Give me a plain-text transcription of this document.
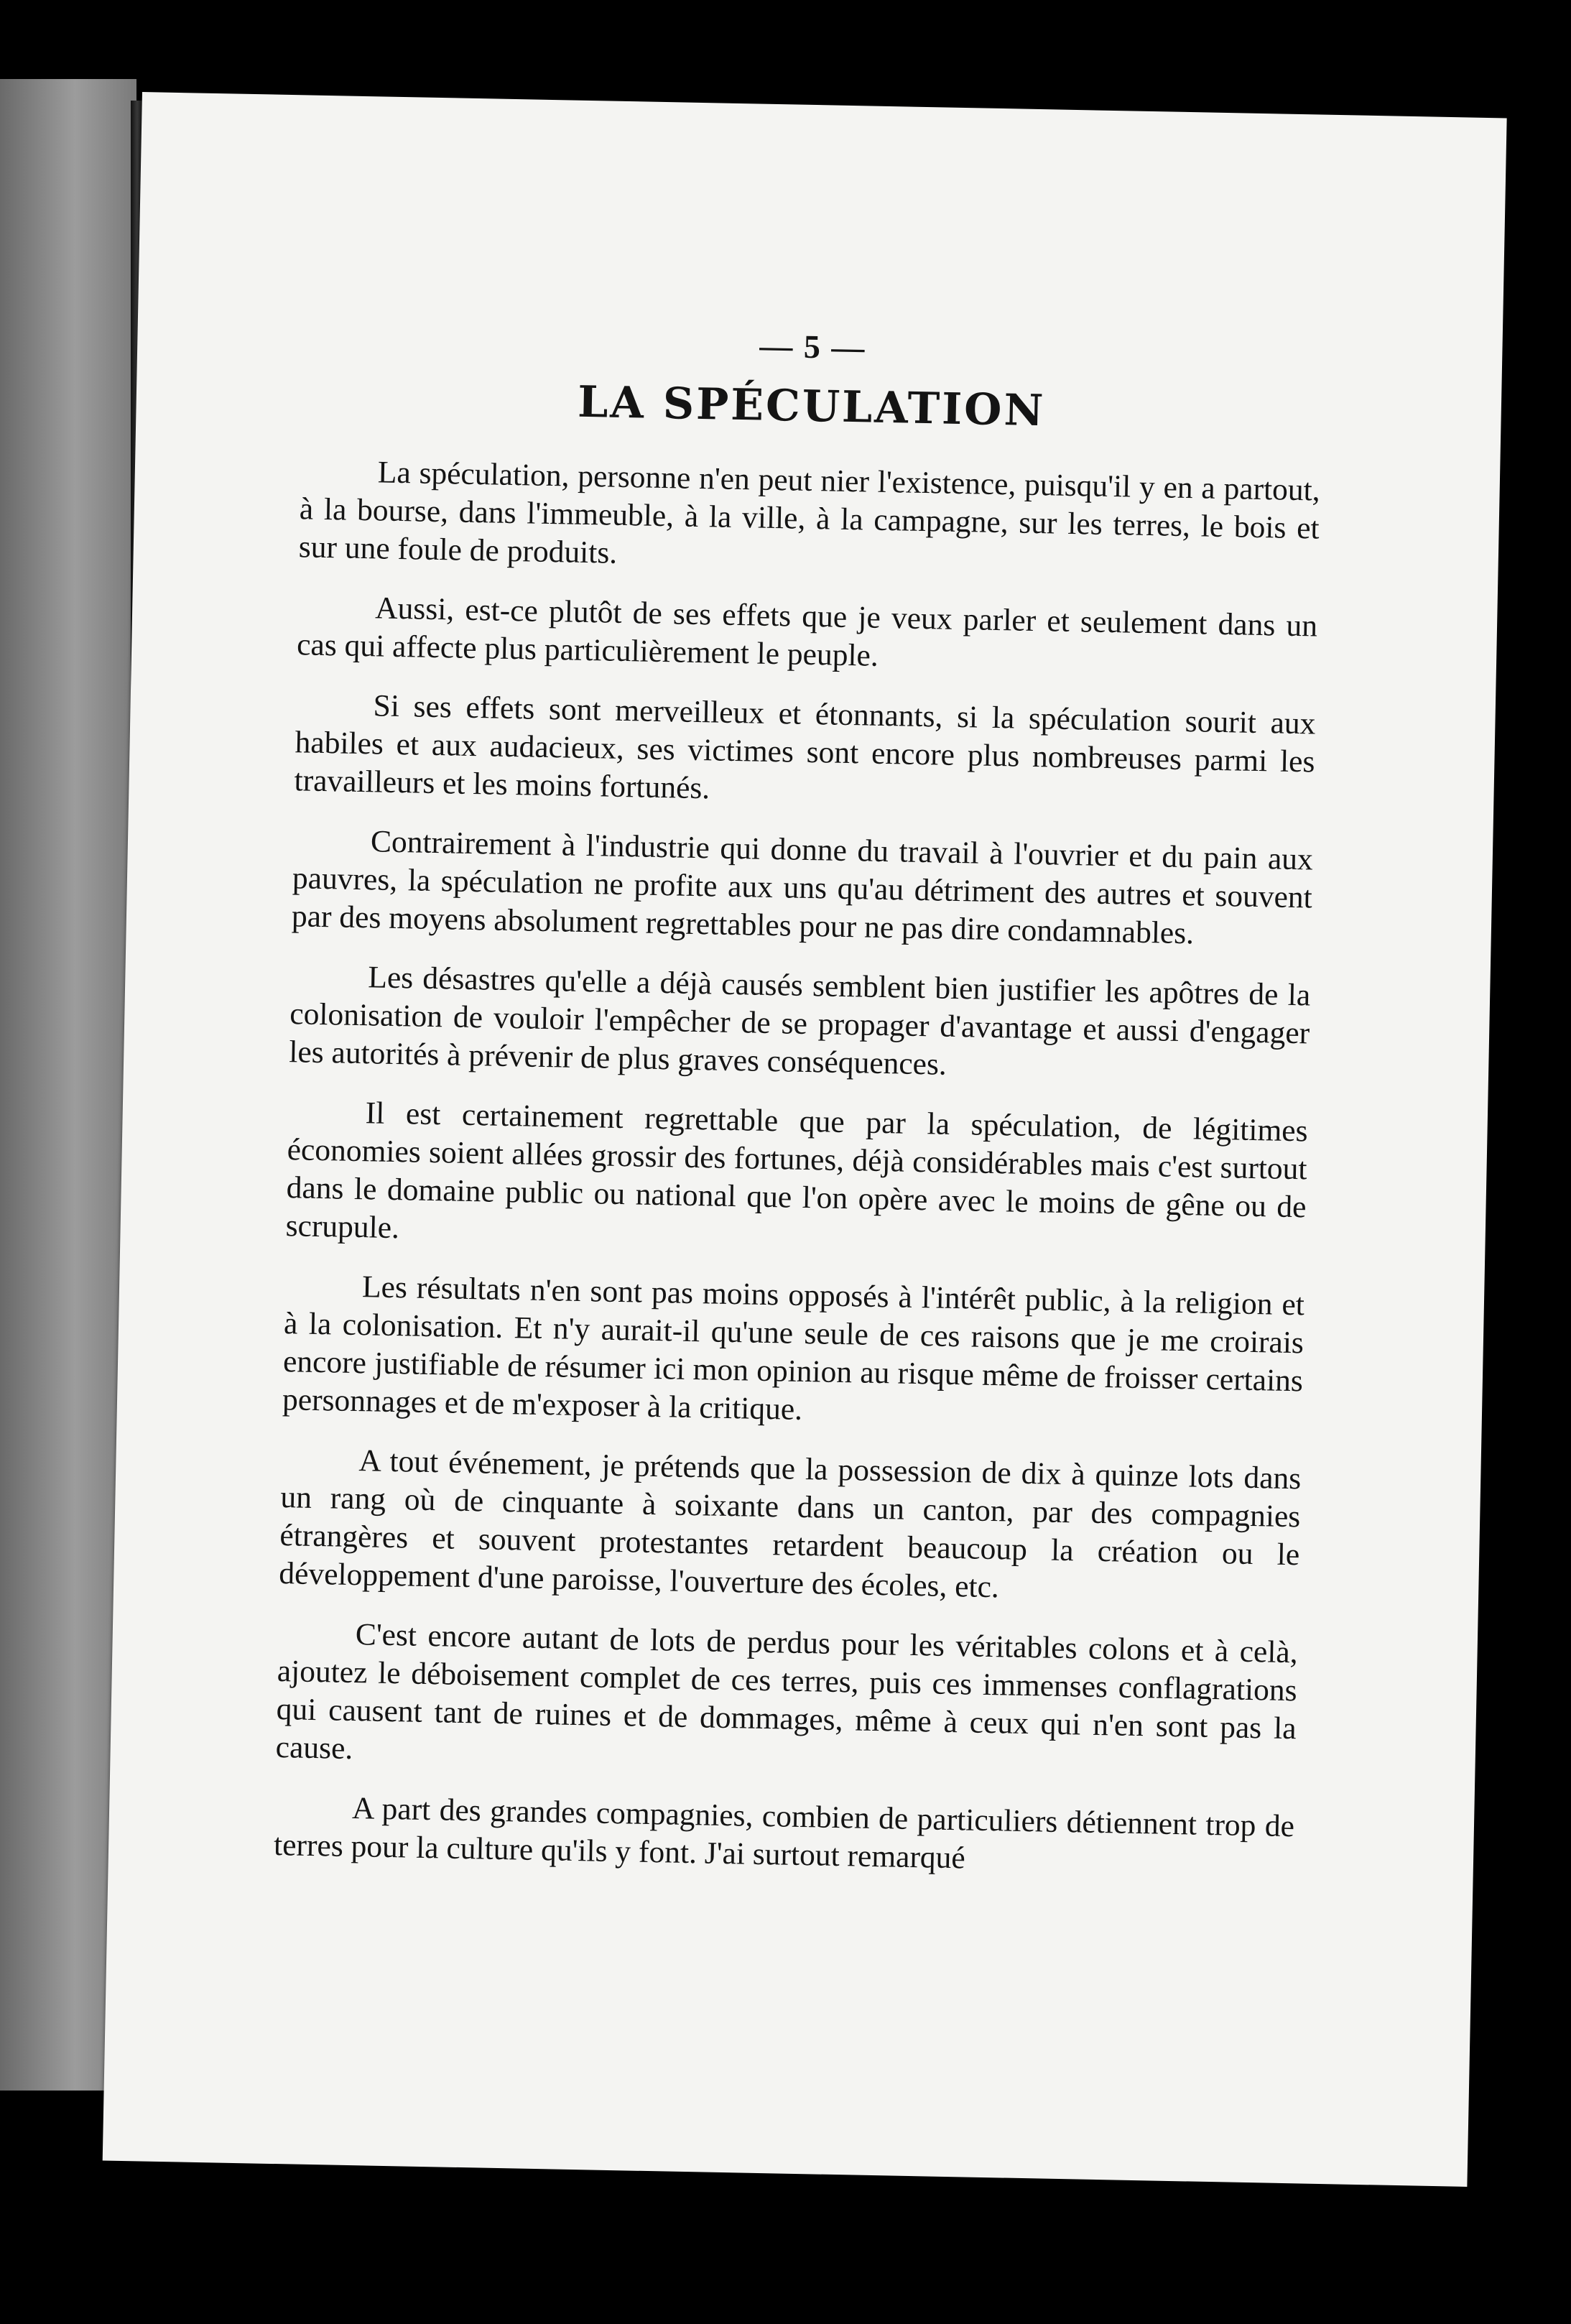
— 5 —
LA SPÉCULATION

La spéculation, personne n'en peut nier l'existence, puisqu'il y en a partout, à la bourse, dans l'immeuble, à la ville, à la campagne, sur les terres, le bois et sur une foule de produits.

Aussi, est-ce plutôt de ses effets que je veux parler et seulement dans un cas qui affecte plus particulièrement le peuple.

Si ses effets sont merveilleux et étonnants, si la spéculation sourit aux habiles et aux audacieux, ses victimes sont encore plus nombreuses parmi les travailleurs et les moins fortunés.

Contrairement à l'industrie qui donne du travail à l'ouvrier et du pain aux pauvres, la spéculation ne profite aux uns qu'au détriment des autres et souvent par des moyens absolument regrettables pour ne pas dire condamnables.

Les désastres qu'elle a déjà causés semblent bien justifier les apôtres de la colonisation de vouloir l'empêcher de se propager d'avantage et aussi d'engager les autorités à prévenir de plus graves conséquences.

Il est certainement regrettable que par la spéculation, de légitimes économies soient allées grossir des fortunes, déjà considérables mais c'est surtout dans le domaine public ou national que l'on opère avec le moins de gêne ou de scrupule.

Les résultats n'en sont pas moins opposés à l'intérêt public, à la religion et à la colonisation. Et n'y aurait-il qu'une seule de ces raisons que je me croirais encore justifiable de résumer ici mon opinion au risque même de froisser certains personnages et de m'exposer à la critique.

A tout événement, je prétends que la possession de dix à quinze lots dans un rang où de cinquante à soixante dans un canton, par des compagnies étrangères et souvent protestantes retardent beaucoup la création ou le développement d'une paroisse, l'ouverture des écoles, etc.

C'est encore autant de lots de perdus pour les véritables colons et à celà, ajoutez le déboisement complet de ces terres, puis ces immenses conflagrations qui causent tant de ruines et de dommages, même à ceux qui n'en sont pas la cause.

A part des grandes compagnies, combien de particuliers détiennent trop de terres pour la culture qu'ils y font. J'ai surtout remarqué
